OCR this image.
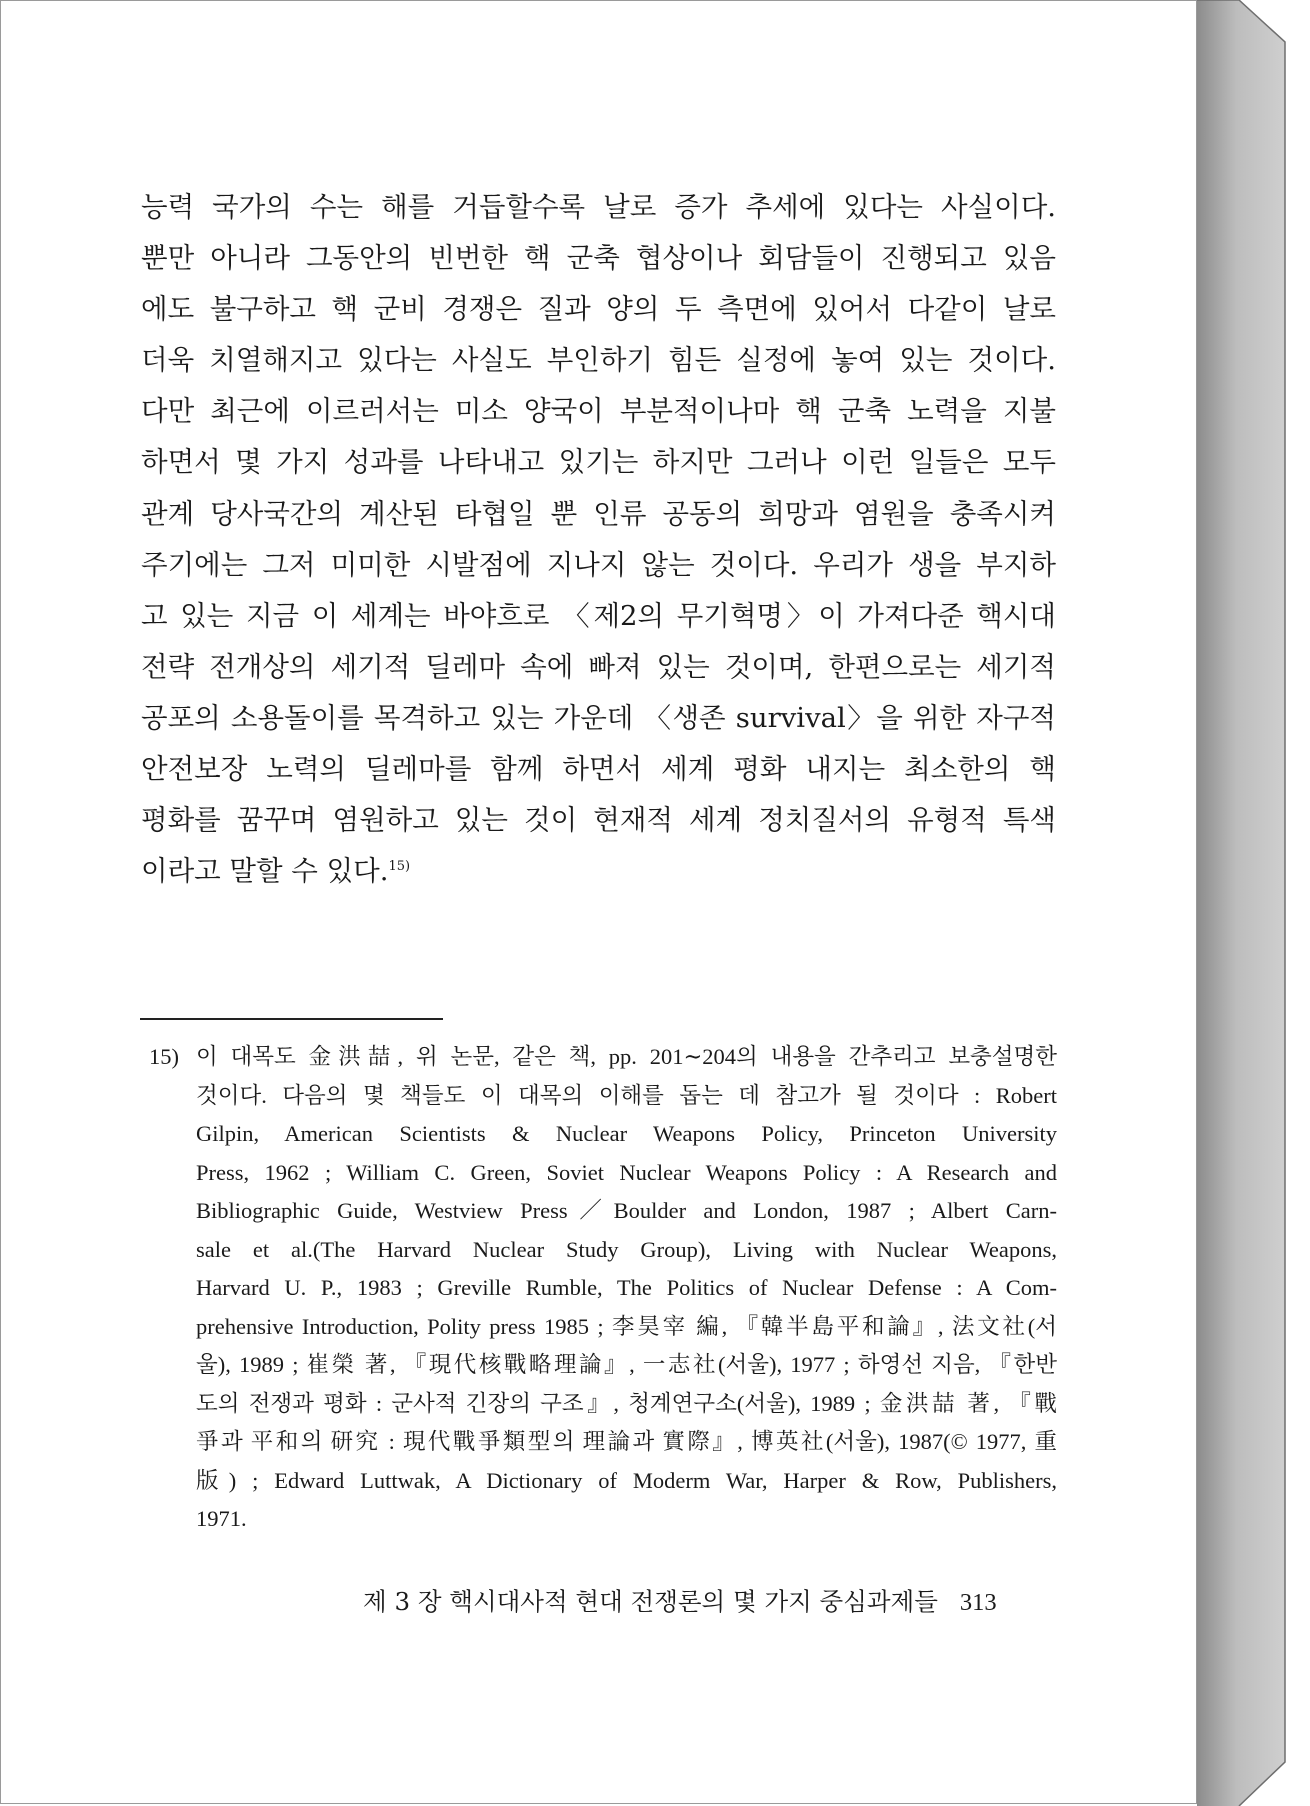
능력 국가의 수는 해를 거듭할수록 날로 증가 추세에 있다는 사실이다.
뿐만 아니라 그동안의 빈번한 핵 군축 협상이나 회담들이 진행되고 있음
에도 불구하고 핵 군비 경쟁은 질과 양의 두 측면에 있어서 다같이 날로
더욱 치열해지고 있다는 사실도 부인하기 힘든 실정에 놓여 있는 것이다.
다만 최근에 이르러서는 미소 양국이 부분적이나마 핵 군축 노력을 지불
하면서 몇 가지 성과를 나타내고 있기는 하지만 그러나 이런 일들은 모두
관계 당사국간의 계산된 타협일 뿐 인류 공동의 희망과 염원을 충족시켜
주기에는 그저 미미한 시발점에 지나지 않는 것이다. 우리가 생을 부지하
고 있는 지금 이 세계는 바야흐로 〈제2의 무기혁명〉이 가져다준 핵시대
전략 전개상의 세기적 딜레마 속에 빠져 있는 것이며, 한편으로는 세기적
공포의 소용돌이를 목격하고 있는 가운데 〈생존 survival〉을 위한 자구적
안전보장 노력의 딜레마를 함께 하면서 세계 평화 내지는 최소한의 핵
평화를 꿈꾸며 염원하고 있는 것이 현재적 세계 정치질서의 유형적 특색
이라고 말할 수 있다.$^{15)}$
15) 이 대목도 金洪喆, 위 논문, 같은 책, pp. 201∼204의 내용을 간추리고 보충설명한
것이다. 다음의 몇 책들도 이 대목의 이해를 돕는 데 참고가 될 것이다 : Robert
Gilpin, American Scientists & Nuclear Weapons Policy, Princeton University
Press, 1962 ; William C. Green, Soviet Nuclear Weapons Policy : A Research and
Bibliographic Guide, Westview Press／Boulder and London, 1987 ; Albert Carn-
sale et al.(The Harvard Nuclear Study Group), Living with Nuclear Weapons,
Harvard U. P., 1983 ; Greville Rumble, The Politics of Nuclear Defense : A Com-
prehensive Introduction, Polity press 1985 ; 李昊宰 編, 『韓半島平和論』, 法文社(서
울), 1989 ; 崔榮 著, 『現代核戰略理論』, 一志社(서울), 1977 ; 하영선 지음, 『한반
도의 전쟁과 평화 : 군사적 긴장의 구조』, 청계연구소(서울), 1989 ; 金洪喆 著, 『戰
爭과 平和의 研究 : 現代戰爭類型의 理論과 實際』, 博英社(서울), 1987(© 1977, 重
版) ; Edward Luttwak, A Dictionary of Moderm War, Harper & Row, Publishers,
1971.
제 3 장 핵시대사적 현대 전쟁론의 몇 가지 중심과제들 313
